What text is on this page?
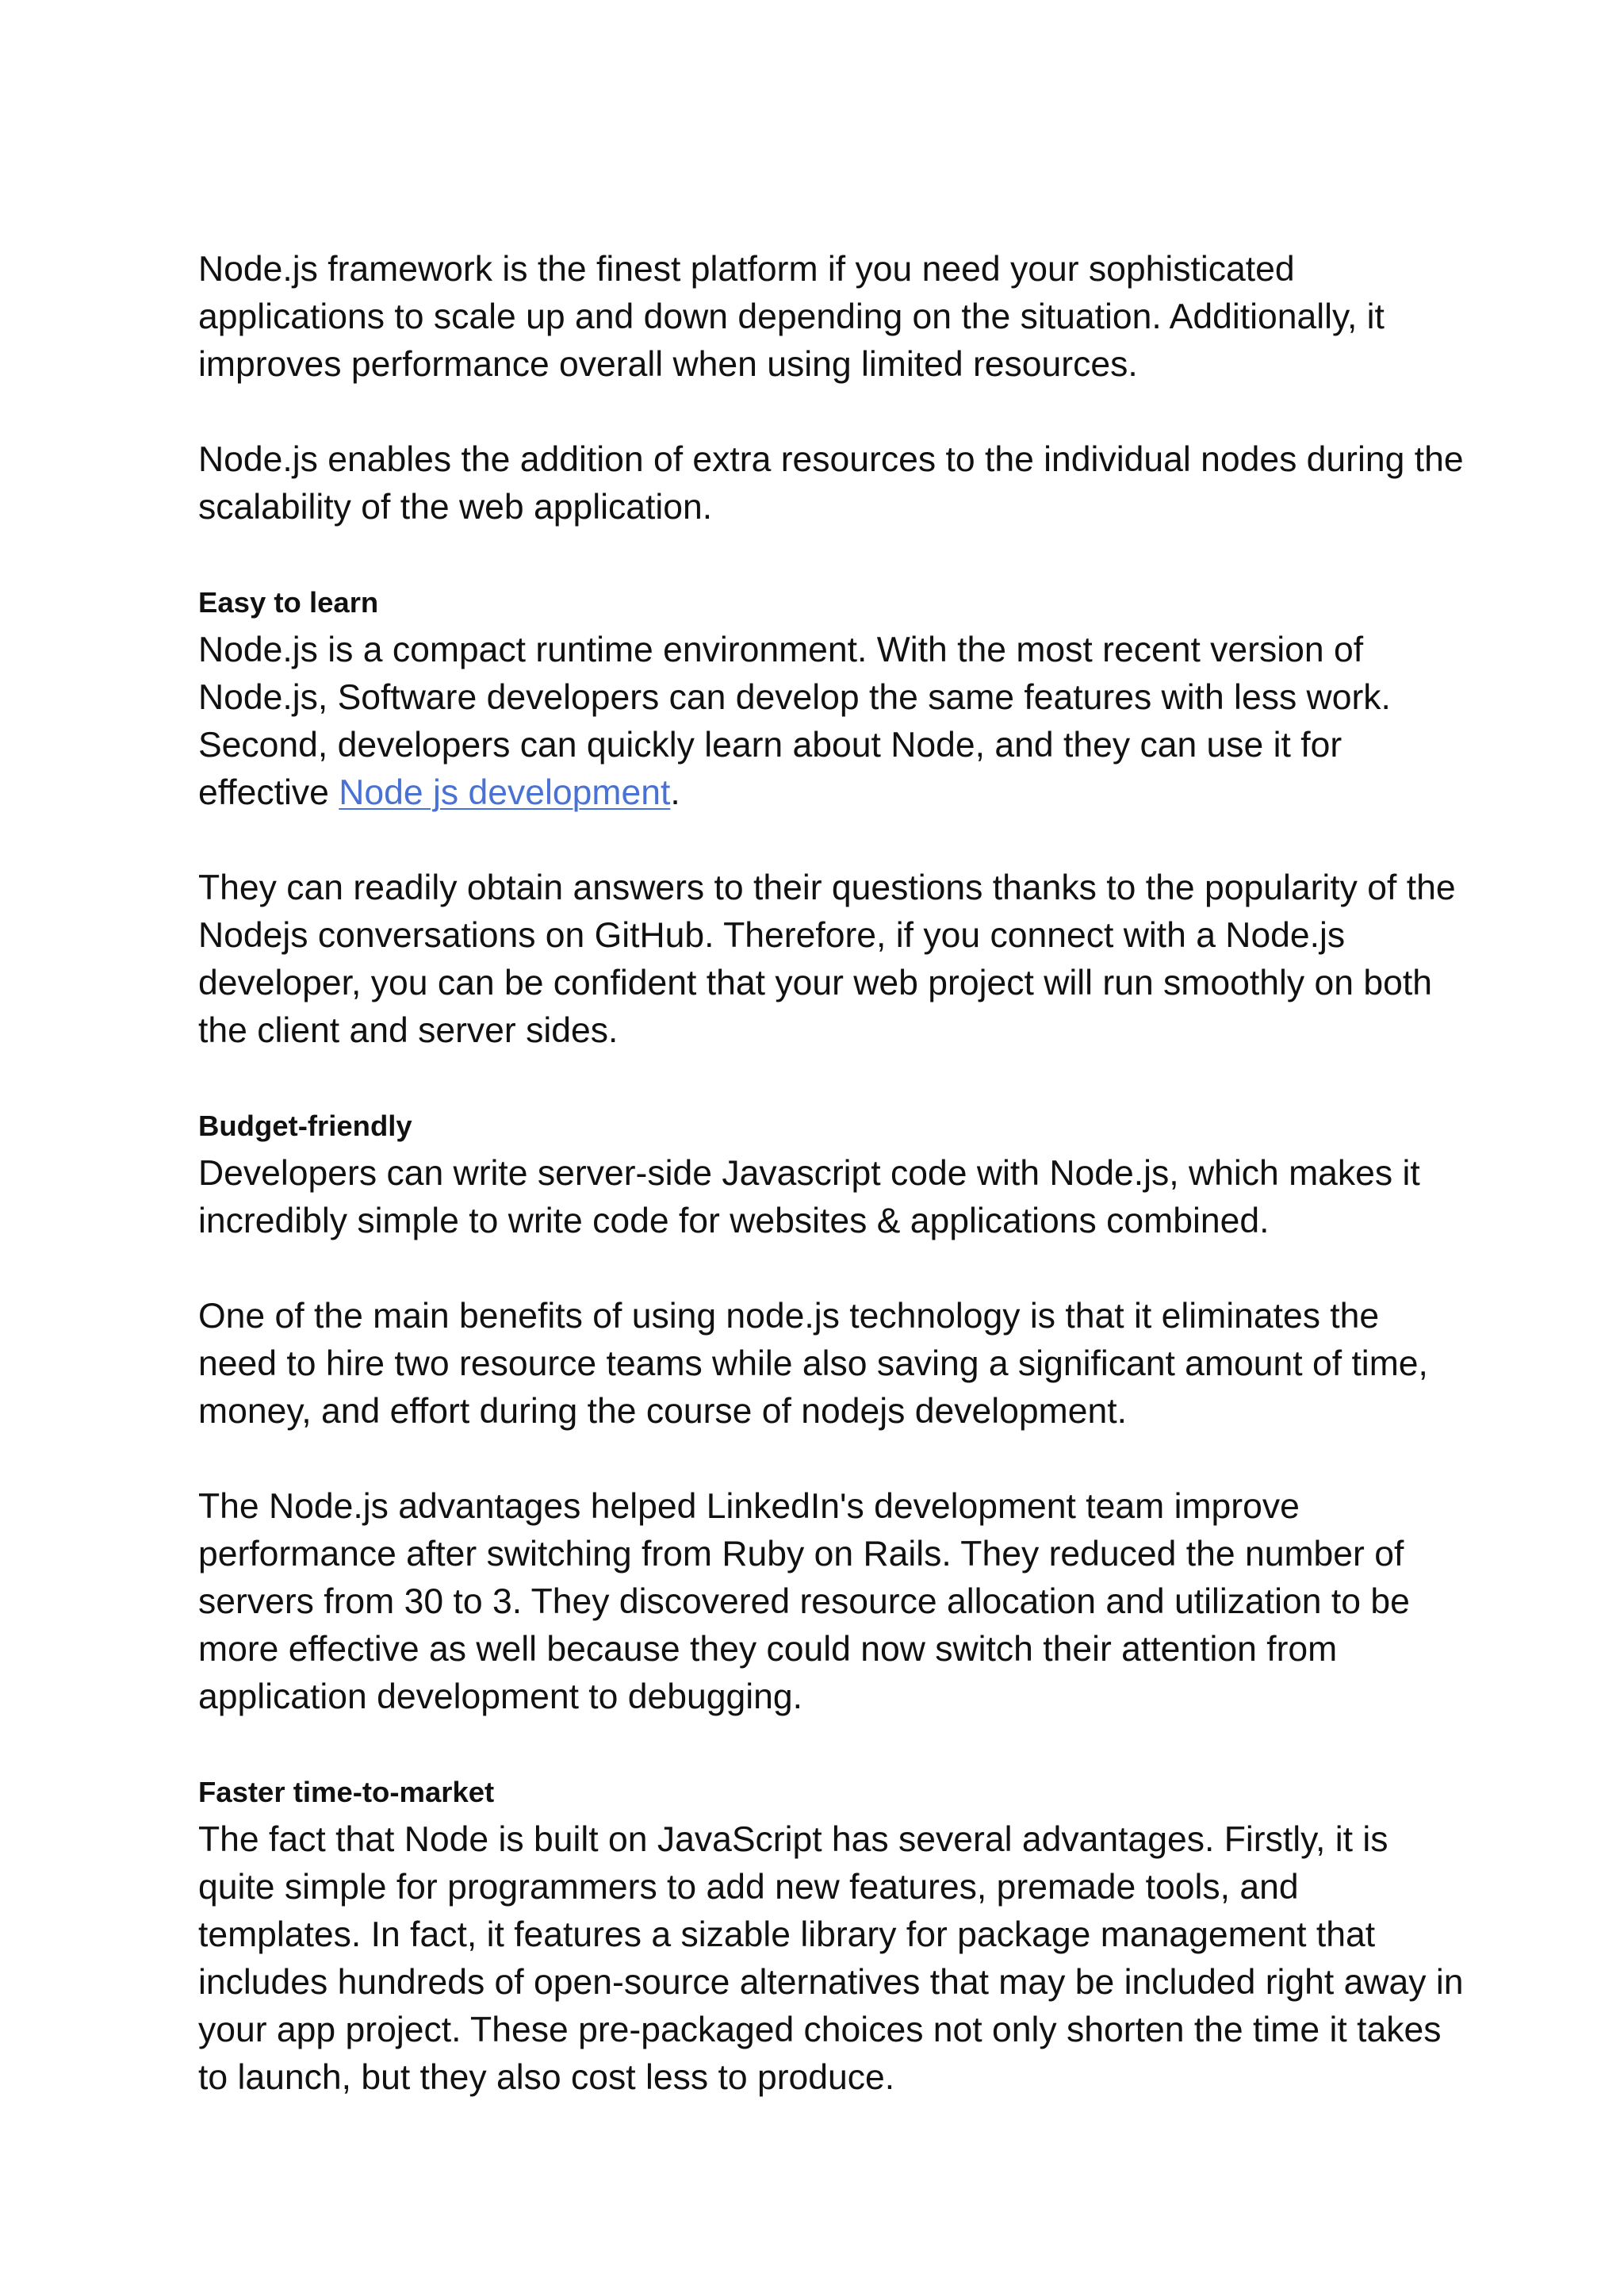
Node.js framework is the finest platform if you need your sophisticated applications to scale up and down depending on the situation. Additionally, it improves performance overall when using limited resources.

Node.js enables the addition of extra resources to the individual nodes during the scalability of the web application.

Easy to learn

Node.js is a compact runtime environment. With the most recent version of Node.js, Software developers can develop the same features with less work. Second, developers can quickly learn about Node, and they can use it for effective Node js development.

They can readily obtain answers to their questions thanks to the popularity of the Nodejs conversations on GitHub. Therefore, if you connect with a Node.js developer, you can be confident that your web project will run smoothly on both the client and server sides.

Budget-friendly

Developers can write server-side Javascript code with Node.js, which makes it incredibly simple to write code for websites & applications combined.

One of the main benefits of using node.js technology is that it eliminates the need to hire two resource teams while also saving a significant amount of time, money, and effort during the course of nodejs development.

The Node.js advantages helped LinkedIn's development team improve performance after switching from Ruby on Rails. They reduced the number of servers from 30 to 3. They discovered resource allocation and utilization to be more effective as well because they could now switch their attention from application development to debugging.

Faster time-to-market

The fact that Node is built on JavaScript has several advantages. Firstly, it is quite simple for programmers to add new features, premade tools, and templates. In fact, it features a sizable library for package management that includes hundreds of open-source alternatives that may be included right away in your app project. These pre-packaged choices not only shorten the time it takes to launch, but they also cost less to produce.
